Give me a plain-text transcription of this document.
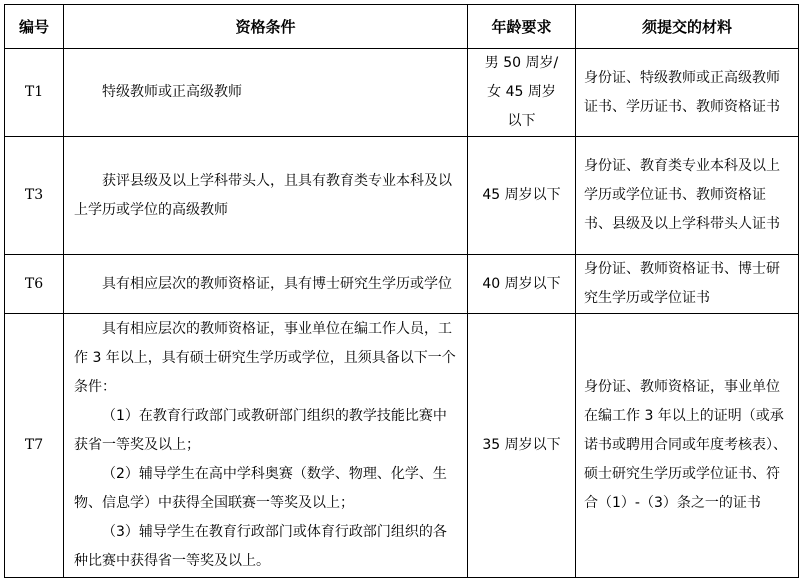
编号	资格条件	年龄要求	须提交的材料
T1	特级教师或正高级教师	男 50 周岁/
女 45 周岁
以下	身份证、特级教师或正高级教师证书、学历证书、教师资格证书
T3	获评县级及以上学科带头人，且具有教育类专业本科及以上学历或学位的高级教师	45 周岁以下	身份证、教育类专业本科及以上学历或学位证书、教师资格证书、县级及以上学科带头人证书
T6	具有相应层次的教师资格证，具有博士研究生学历或学位	40 周岁以下	身份证、教师资格证书、博士研究生学历或学位证书
T7	具有相应层次的教师资格证，事业单位在编工作人员，工作 3 年以上，具有硕士研究生学历或学位，且须具备以下一个条件：
（1）在教育行政部门或教研部门组织的教学技能比赛中获省一等奖及以上；
（2）辅导学生在高中学科奥赛（数学、物理、化学、生物、信息学）中获得全国联赛一等奖及以上；
（3）辅导学生在教育行政部门或体育行政部门组织的各种比赛中获得省一等奖及以上。	35 周岁以下	身份证、教师资格证，事业单位在编工作 3 年以上的证明（或承诺书或聘用合同或年度考核表）、硕士研究生学历或学位证书、符合（1）-（3）条之一的证书
